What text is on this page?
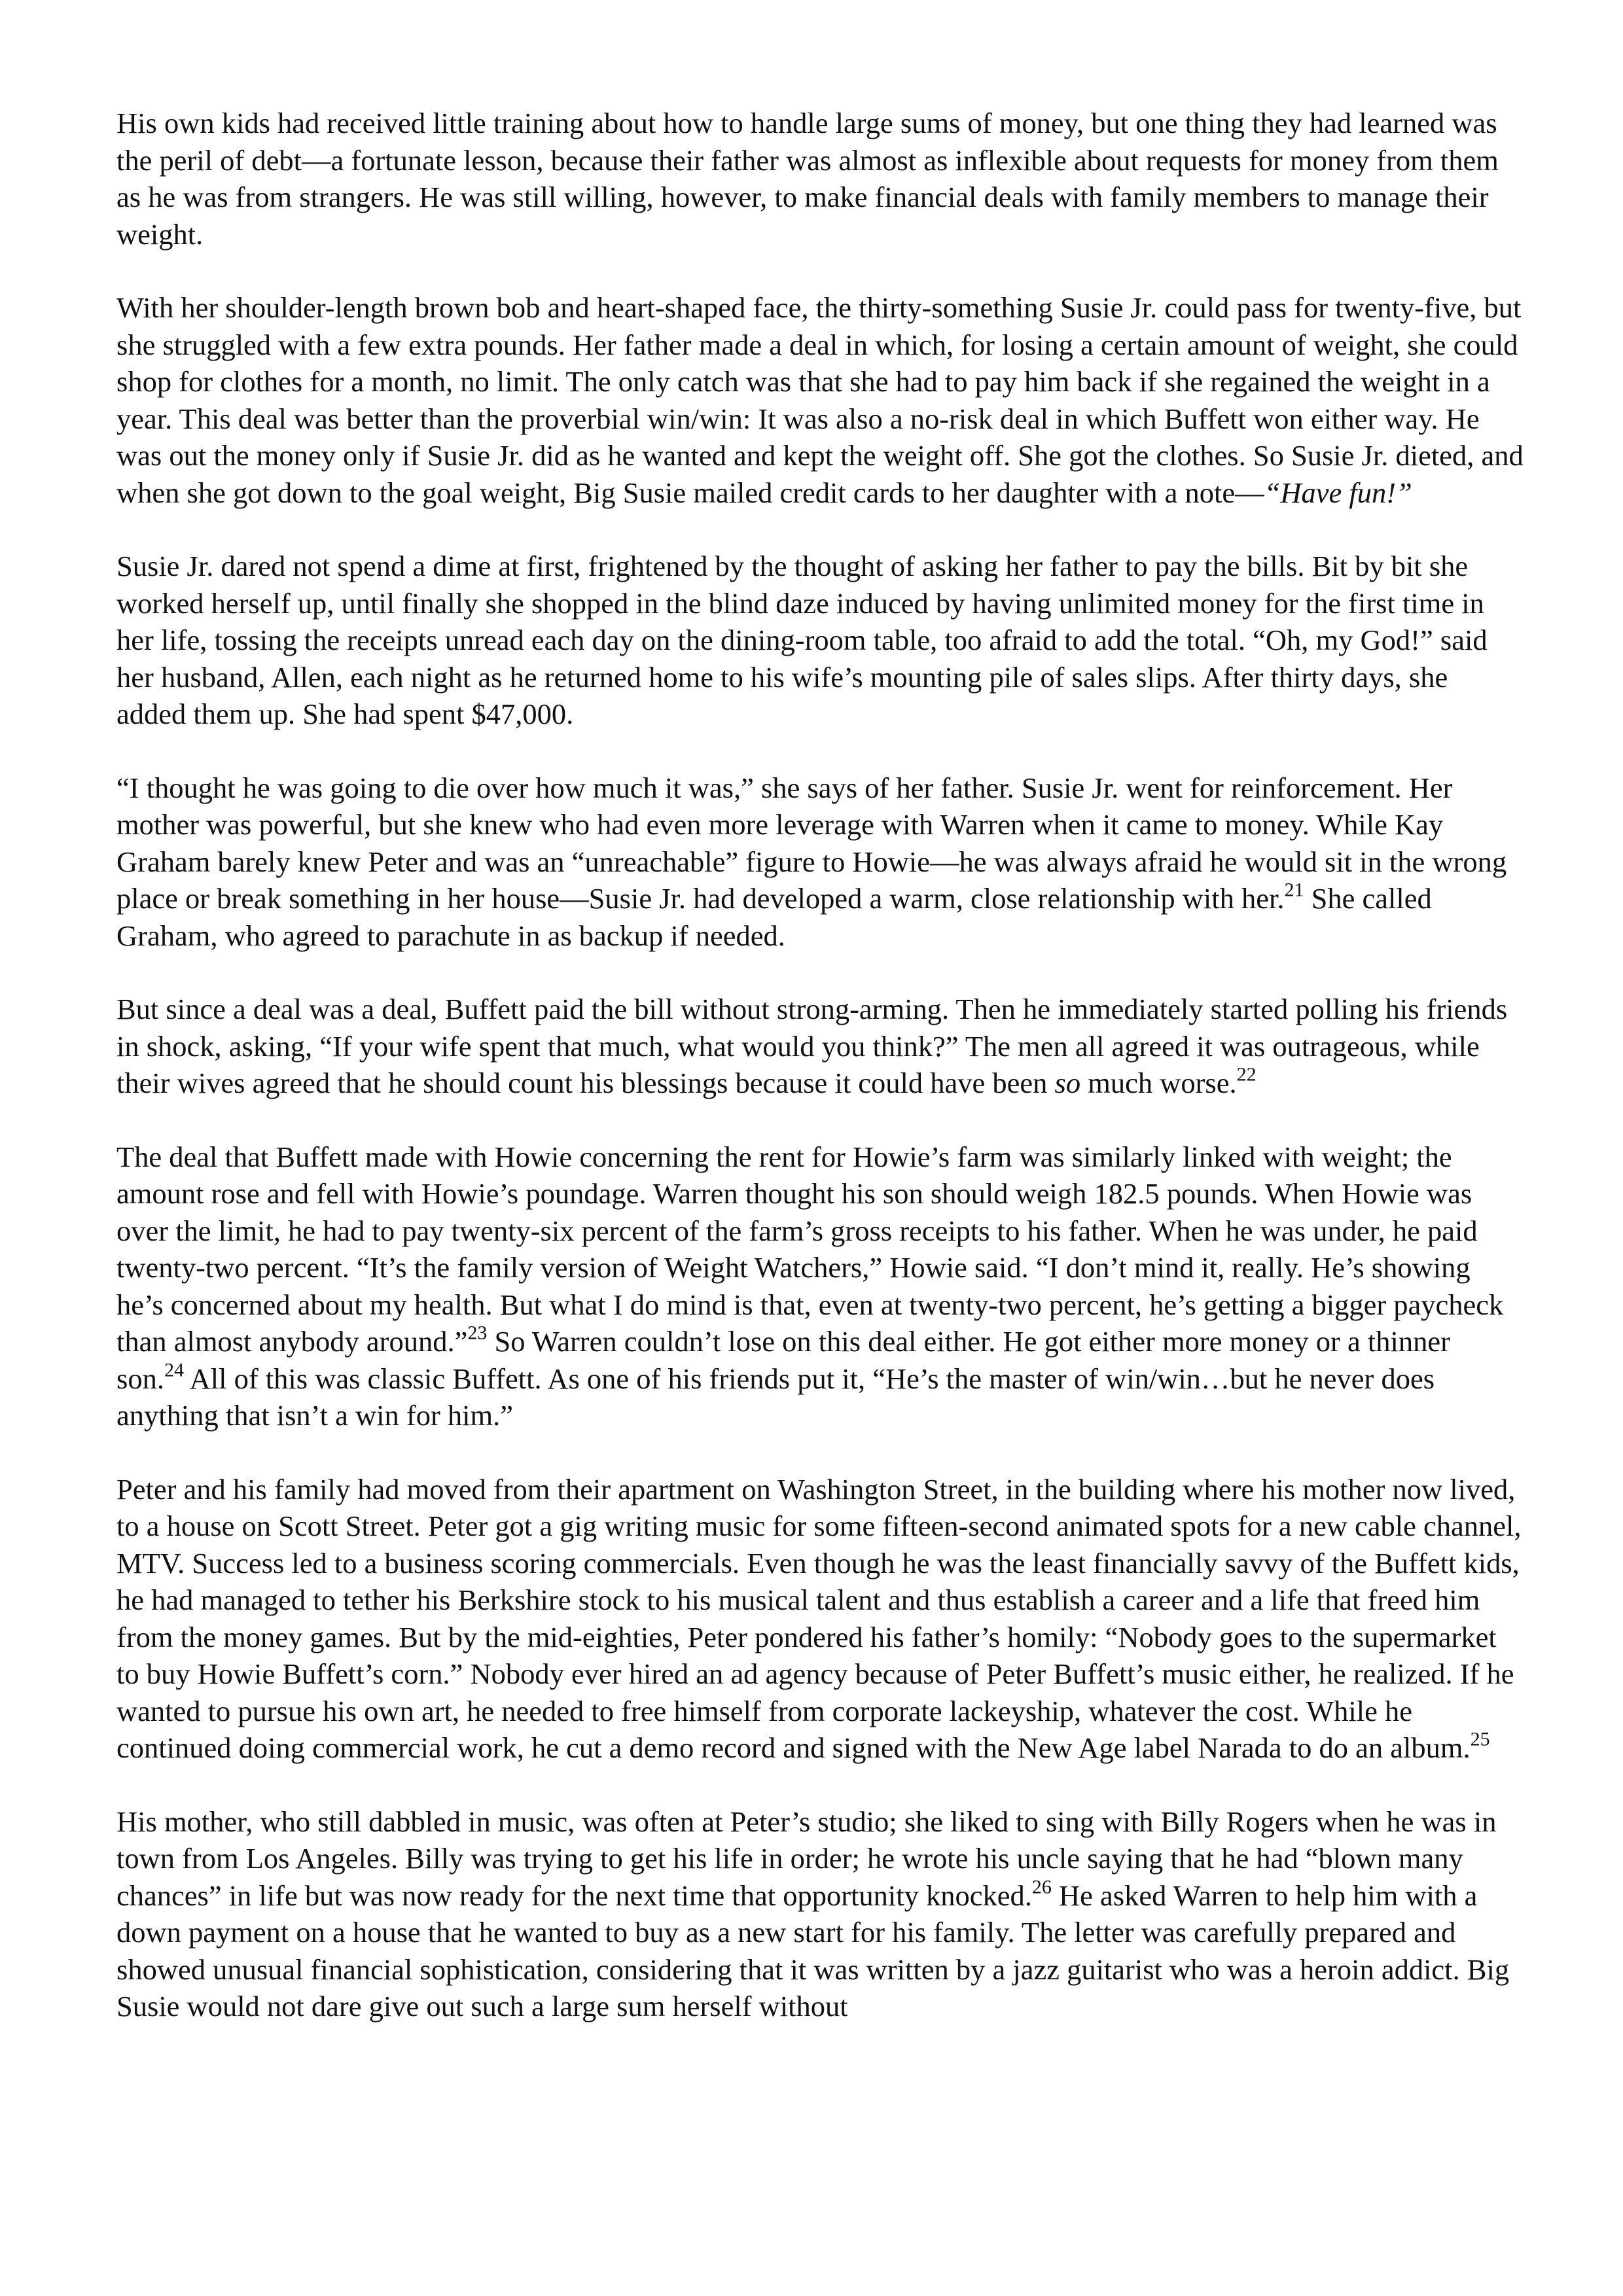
His own kids had received little training about how to handle large sums of money, but one thing they had learned was the peril of debt—a fortunate lesson, because their father was almost as inflexible about requests for money from them as he was from strangers. He was still willing, however, to make financial deals with family members to manage their weight.

With her shoulder-length brown bob and heart-shaped face, the thirty-something Susie Jr. could pass for twenty-five, but she struggled with a few extra pounds. Her father made a deal in which, for losing a certain amount of weight, she could shop for clothes for a month, no limit. The only catch was that she had to pay him back if she regained the weight in a year. This deal was better than the proverbial win/win: It was also a no-risk deal in which Buffett won either way. He was out the money only if Susie Jr. did as he wanted and kept the weight off. She got the clothes. So Susie Jr. dieted, and when she got down to the goal weight, Big Susie mailed credit cards to her daughter with a note—“Have fun!”

Susie Jr. dared not spend a dime at first, frightened by the thought of asking her father to pay the bills. Bit by bit she worked herself up, until finally she shopped in the blind daze induced by having unlimited money for the first time in her life, tossing the receipts unread each day on the dining-room table, too afraid to add the total. “Oh, my God!” said her husband, Allen, each night as he returned home to his wife’s mounting pile of sales slips. After thirty days, she added them up. She had spent $47,000.

“I thought he was going to die over how much it was,” she says of her father. Susie Jr. went for reinforcement. Her mother was powerful, but she knew who had even more leverage with Warren when it came to money. While Kay Graham barely knew Peter and was an “unreachable” figure to Howie—he was always afraid he would sit in the wrong place or break something in her house—Susie Jr. had developed a warm, close relationship with her.$^{21}$ She called Graham, who agreed to parachute in as backup if needed.

But since a deal was a deal, Buffett paid the bill without strong-arming. Then he immediately started polling his friends in shock, asking, “If your wife spent that much, what would you think?” The men all agreed it was outrageous, while their wives agreed that he should count his blessings because it could have been so much worse.$^{22}$

The deal that Buffett made with Howie concerning the rent for Howie’s farm was similarly linked with weight; the amount rose and fell with Howie’s poundage. Warren thought his son should weigh 182.5 pounds. When Howie was over the limit, he had to pay twenty-six percent of the farm’s gross receipts to his father. When he was under, he paid twenty-two percent. “It’s the family version of Weight Watchers,” Howie said. “I don’t mind it, really. He’s showing he’s concerned about my health. But what I do mind is that, even at twenty-two percent, he’s getting a bigger paycheck than almost anybody around.”$^{23}$ So Warren couldn’t lose on this deal either. He got either more money or a thinner son.$^{24}$ All of this was classic Buffett. As one of his friends put it, “He’s the master of win/win…but he never does anything that isn’t a win for him.”

Peter and his family had moved from their apartment on Washington Street, in the building where his mother now lived, to a house on Scott Street. Peter got a gig writing music for some fifteen-second animated spots for a new cable channel, MTV. Success led to a business scoring commercials. Even though he was the least financially savvy of the Buffett kids, he had managed to tether his Berkshire stock to his musical talent and thus establish a career and a life that freed him from the money games. But by the mid-eighties, Peter pondered his father’s homily: “Nobody goes to the supermarket to buy Howie Buffett’s corn.” Nobody ever hired an ad agency because of Peter Buffett’s music either, he realized. If he wanted to pursue his own art, he needed to free himself from corporate lackeyship, whatever the cost. While he continued doing commercial work, he cut a demo record and signed with the New Age label Narada to do an album.$^{25}$

His mother, who still dabbled in music, was often at Peter’s studio; she liked to sing with Billy Rogers when he was in town from Los Angeles. Billy was trying to get his life in order; he wrote his uncle saying that he had “blown many chances” in life but was now ready for the next time that opportunity knocked.$^{26}$ He asked Warren to help him with a down payment on a house that he wanted to buy as a new start for his family. The letter was carefully prepared and showed unusual financial sophistication, considering that it was written by a jazz guitarist who was a heroin addict. Big Susie would not dare give out such a large sum herself without
